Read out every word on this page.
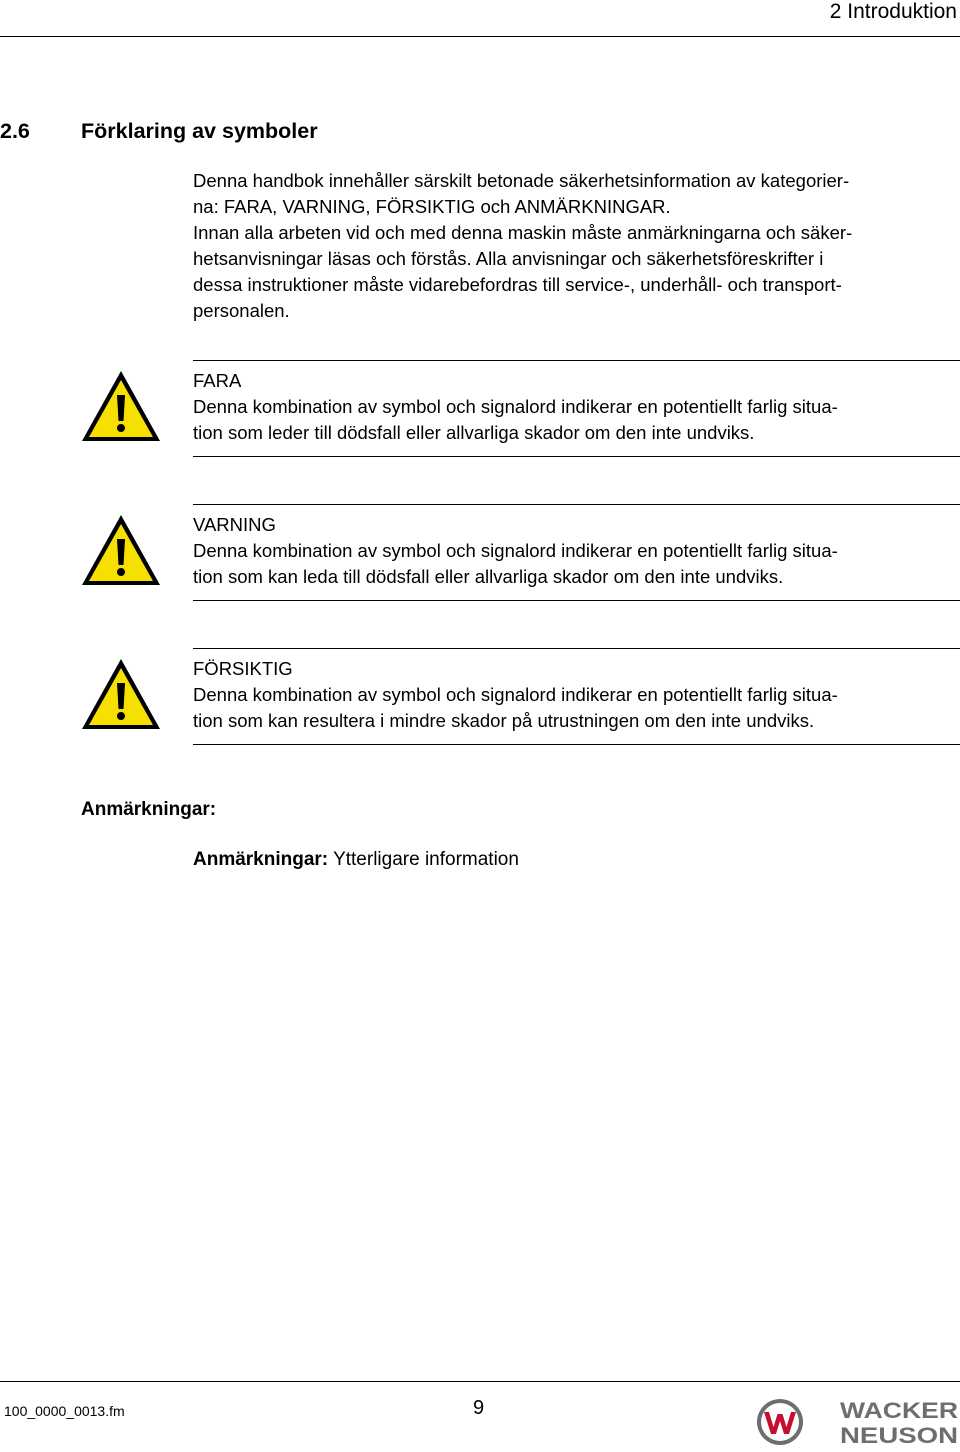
2 Introduktion
2.6 Förklaring av symboler

Denna handbok innehåller särskilt betonade säkerhetsinformation av kategorier-

na: FARA, VARNING, FÖRSIKTIG och ANMÄRKNINGAR.

Innan alla arbeten vid och med denna maskin måste anmärkningarna och säker-

hetsanvisningar läsas och förstås. Alla anvisningar och säkerhetsföreskrifter i

dessa instruktioner måste vidarebefordras till service-, underhåll- och transport-

personalen.

FARA
Denna kombination av symbol och signalord indikerar en potentiellt farlig situa-
tion som leder till dödsfall eller allvarliga skador om den inte undviks.
VARNING
Denna kombination av symbol och signalord indikerar en potentiellt farlig situa-
tion som kan leda till dödsfall eller allvarliga skador om den inte undviks.
FÖRSIKTIG
Denna kombination av symbol och signalord indikerar en potentiellt farlig situa-
tion som kan resultera i mindre skador på utrustningen om den inte undviks.
Anmärkningar:
Anmärkningar: Ytterligare information
100_0000_0013.fm	9	WACKER
NEUSON
